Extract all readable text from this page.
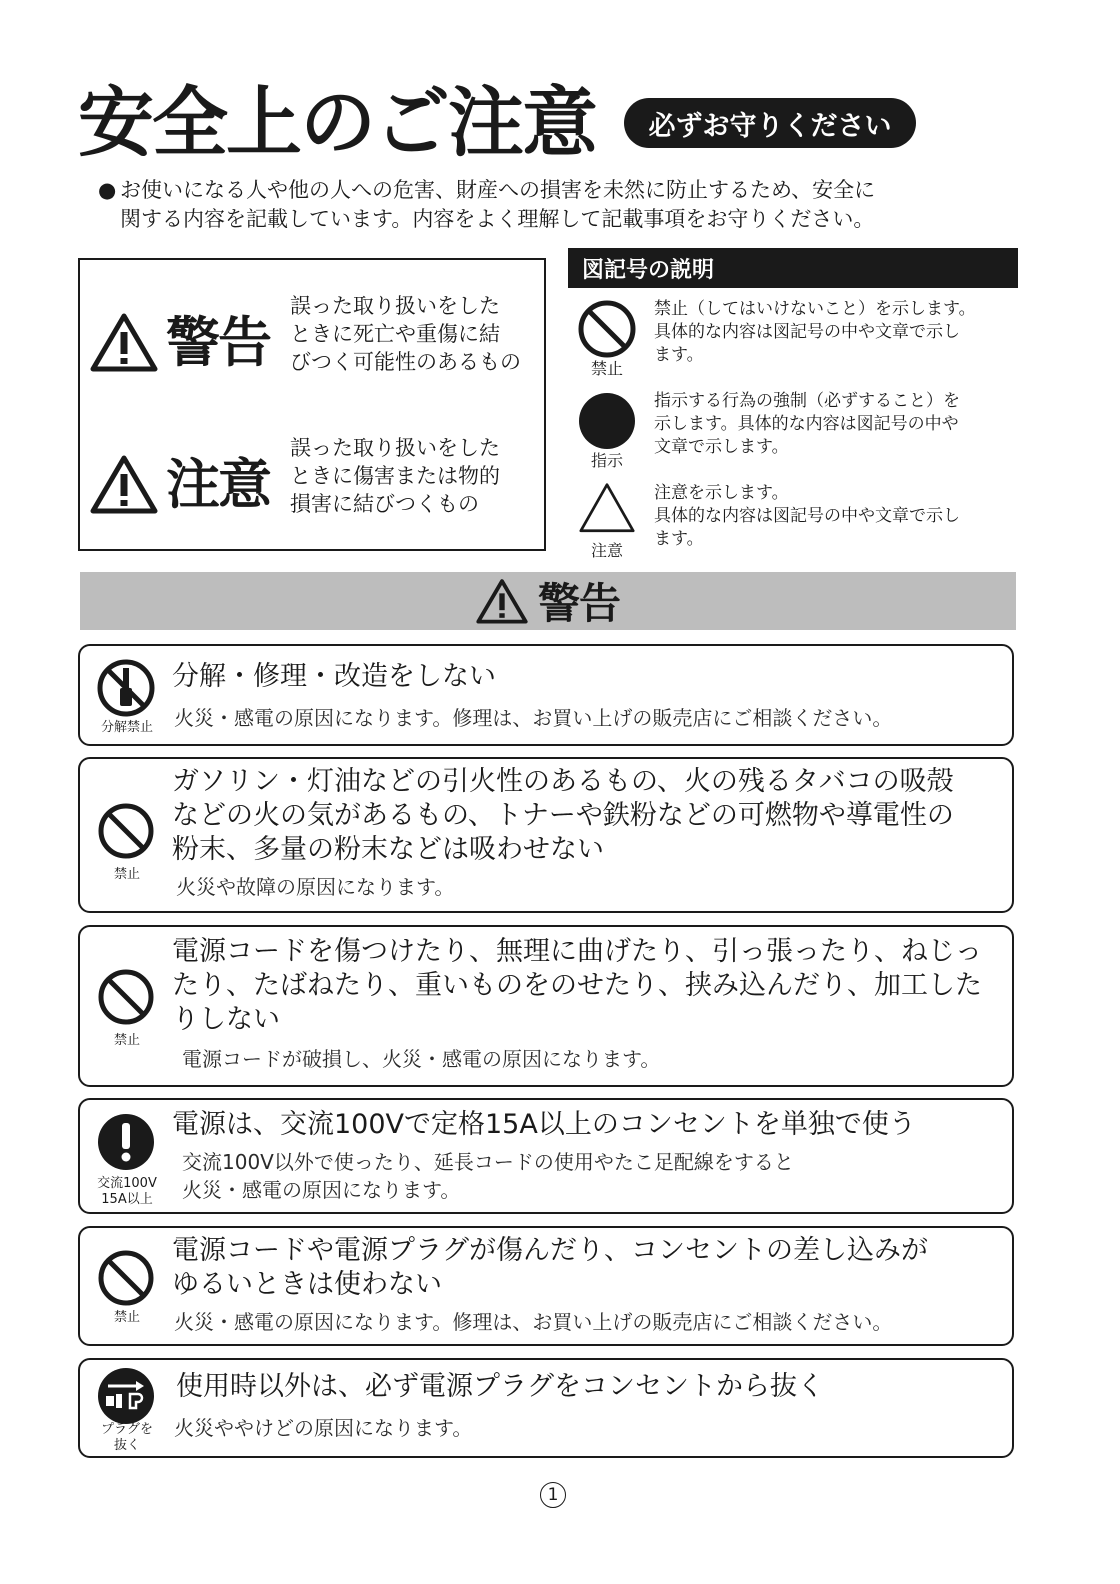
安全上のご注意	必ずお守りください
● お使いになる人や他の人への危害、財産への損害を未然に防止するため、安全に
関する内容を記載しています。内容をよく理解して記載事項をお守りください。
警告
誤った取り扱いをした
ときに死亡や重傷に結
びつく可能性のあるもの
注意
誤った取り扱いをした
ときに傷害または物的
損害に結びつくもの
図記号の説明
禁止
禁止（してはいけないこと）を示します。
具体的な内容は図記号の中や文章で示し
ます。
指示
指示する行為の強制（必ずすること）を
示します。具体的な内容は図記号の中や
文章で示します。
注意
注意を示します。
具体的な内容は図記号の中や文章で示し
ます。
警告
分解禁止
分解・修理・改造をしない
火災・感電の原因になります。修理は、お買い上げの販売店にご相談ください。
禁止
ガソリン・灯油などの引火性のあるもの、火の残るタバコの吸殻
などの火の気があるもの、トナーや鉄粉などの可燃物や導電性の
粉末、多量の粉末などは吸わせない
火災や故障の原因になります。
禁止
電源コードを傷つけたり、無理に曲げたり、引っ張ったり、ねじっ
たり、たばねたり、重いものをのせたり、挟み込んだり、加工した
りしない
電源コードが破損し、火災・感電の原因になります。
交流100V
15A以上
電源は、交流100Vで定格15A以上のコンセントを単独で使う
交流100V以外で使ったり、延長コードの使用やたこ足配線をすると
火災・感電の原因になります。
禁止
電源コードや電源プラグが傷んだり、コンセントの差し込みが
ゆるいときは使わない
火災・感電の原因になります。修理は、お買い上げの販売店にご相談ください。
プラグを
抜く
使用時以外は、必ず電源プラグをコンセントから抜く
火災ややけどの原因になります。
1
